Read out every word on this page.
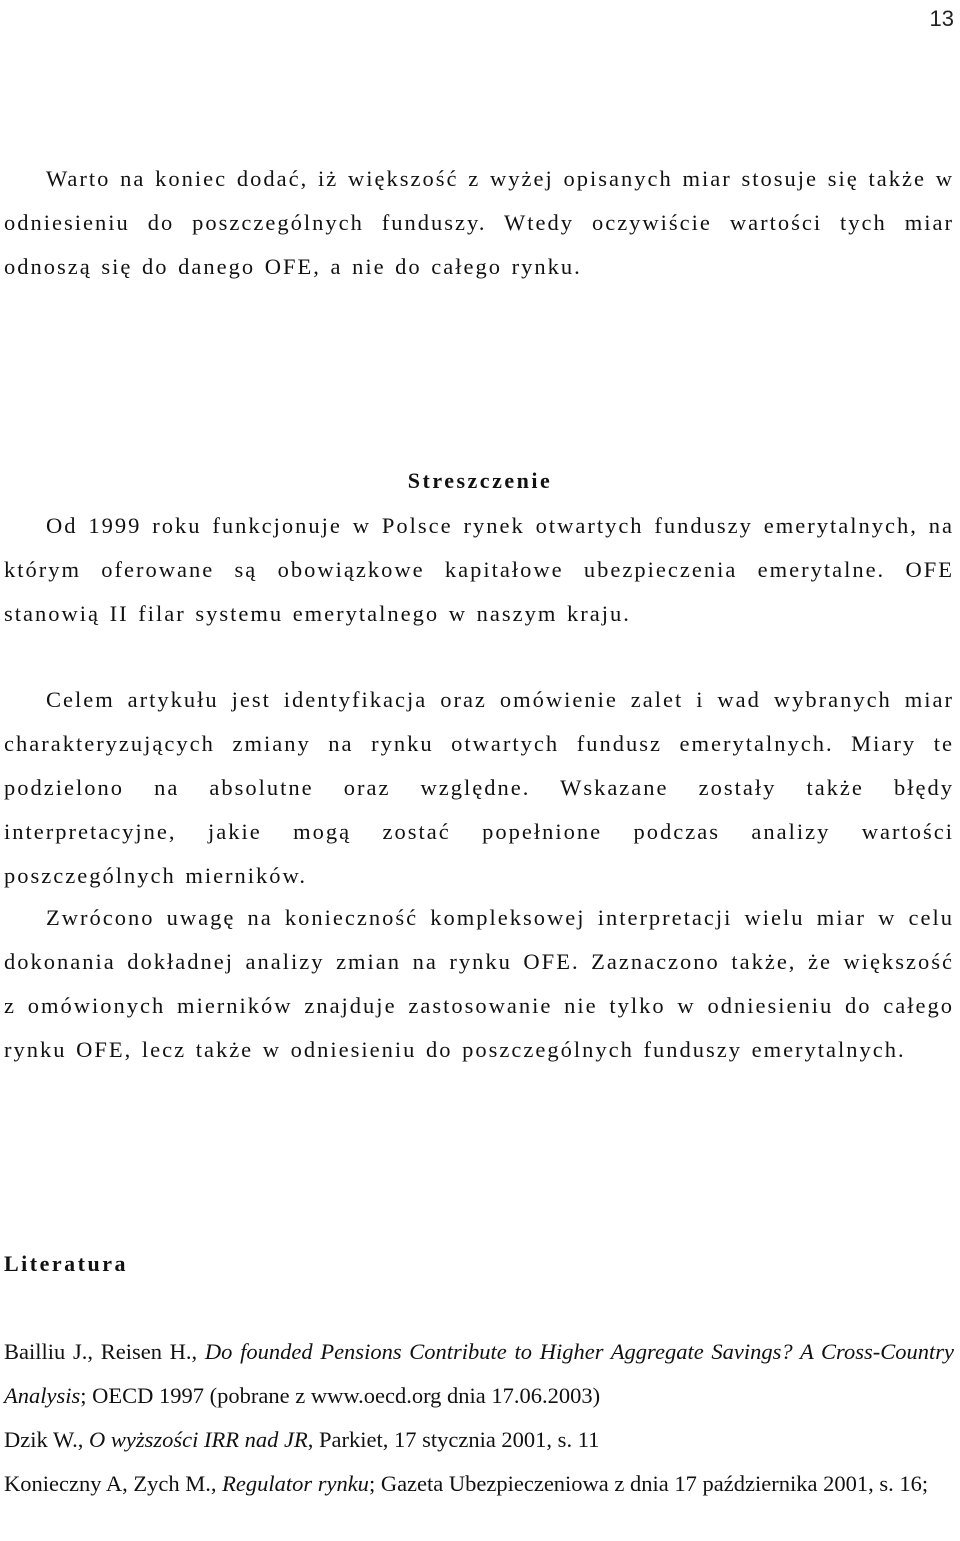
13

Warto na koniec dodać, iż większość z wyżej opisanych miar stosuje się także w odniesieniu do poszczególnych funduszy. Wtedy oczywiście wartości tych miar odnoszą się do danego OFE, a nie do całego rynku.

Streszczenie

Od 1999 roku funkcjonuje w Polsce rynek otwartych funduszy emerytalnych, na którym oferowane są obowiązkowe kapitałowe ubezpieczenia emerytalne. OFE stanowią II filar systemu emerytalnego w naszym kraju.

Celem artykułu jest identyfikacja oraz omówienie zalet i wad wybranych miar charakteryzujących zmiany na rynku otwartych fundusz emerytalnych. Miary te podzielono na absolutne oraz względne. Wskazane zostały także błędy interpretacyjne, jakie mogą zostać popełnione podczas analizy wartości poszczególnych mierników.

Zwrócono uwagę na konieczność kompleksowej interpretacji wielu miar w celu dokonania dokładnej analizy zmian na rynku OFE. Zaznaczono także, że większość z omówionych mierników znajduje zastosowanie nie tylko w odniesieniu do całego rynku OFE, lecz także w odniesieniu do poszczególnych funduszy emerytalnych.

Literatura

Bailliu J., Reisen H., Do founded Pensions Contribute to Higher Aggregate Savings? A Cross-Country Analysis; OECD 1997 (pobrane z www.oecd.org dnia 17.06.2003)

Dzik W., O wyższości IRR nad JR, Parkiet, 17 stycznia 2001, s. 11

Konieczny A, Zych M., Regulator rynku; Gazeta Ubezpieczeniowa z dnia 17 października 2001, s. 16;
